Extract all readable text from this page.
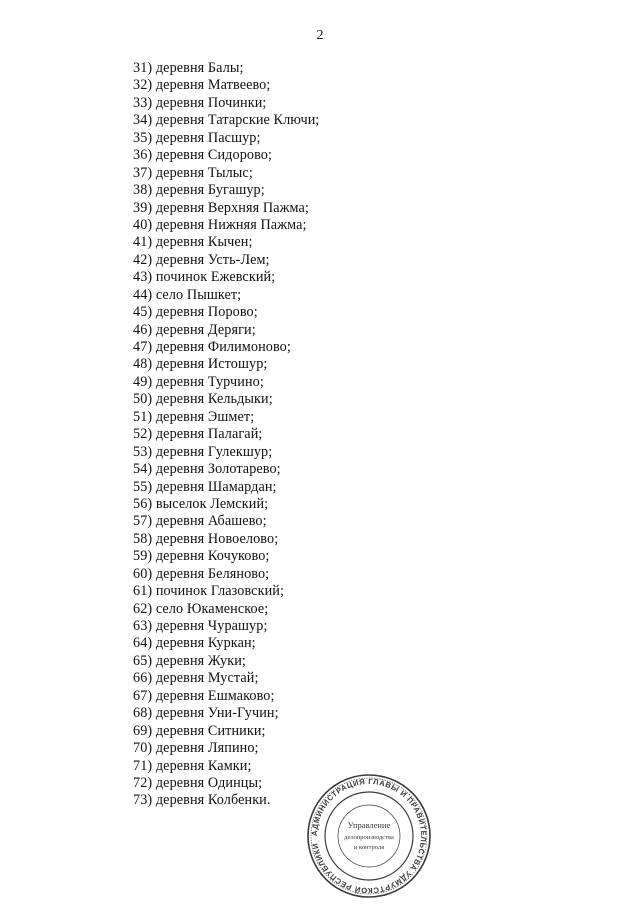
2
31) деревня Балы;
32) деревня Матвеево;
33) деревня Починки;
34) деревня Татарские Ключи;
35) деревня Пасшур;
36) деревня Сидорово;
37) деревня Тылыс;
38) деревня Бугашур;
39) деревня Верхняя Пажма;
40) деревня Нижняя Пажма;
41) деревня Кычен;
42) деревня Усть-Лем;
43) починок Ежевский;
44) село Пышкет;
45) деревня Порово;
46) деревня Деряги;
47) деревня Филимоново;
48) деревня Истошур;
49) деревня Турчино;
50) деревня Кельдыки;
51) деревня Эшмет;
52) деревня Палагай;
53) деревня Гулекшур;
54) деревня Золотарево;
55) деревня Шамардан;
56) выселок Лемский;
57) деревня Абашево;
58) деревня Новоелово;
59) деревня Кочуково;
60) деревня Беляново;
61) починок Глазовский;
62) село Юкаменское;
63) деревня Чурашур;
64) деревня Куркан;
65) деревня Жуки;
66) деревня Мустай;
67) деревня Ешмаково;
68) деревня Уни-Гучин;
69) деревня Ситники;
70) деревня Ляпино;
71) деревня Камки;
72) деревня Одинцы;
73) деревня Колбенки.
АДМИНИСТРАЦИЯ ГЛАВЫ И ПРАВИТЕЛЬСТВА УДМУРТСКОЙ РЕСПУБЛИКИ
Управление
делопроизводства
и контроля
